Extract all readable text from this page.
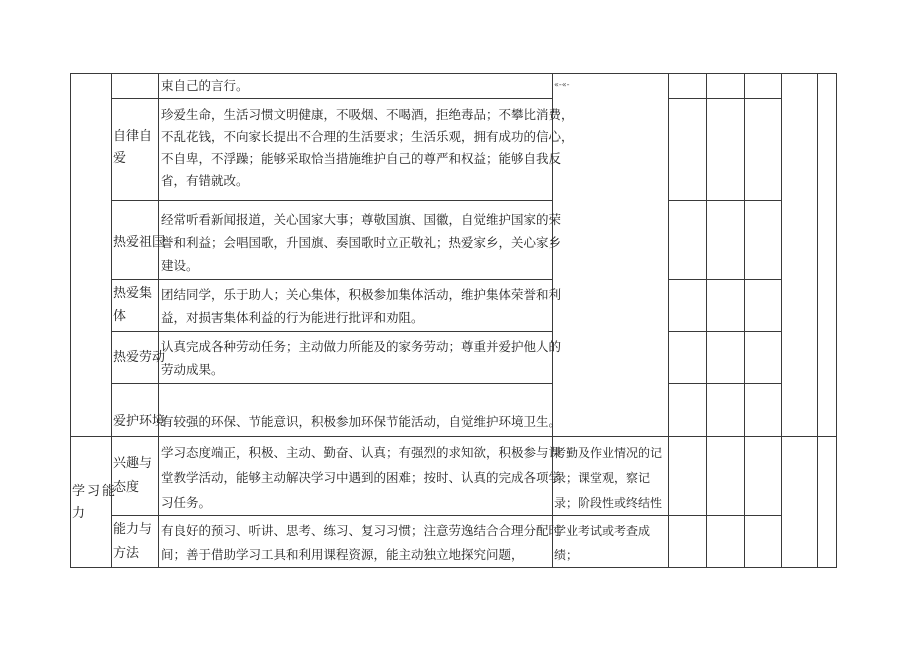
束自己的言行。	«-«-
自律自
爱
珍爱生命，生活习惯文明健康，不吸烟、不喝酒，拒绝毒品；不攀比消费，
不乱花钱，不向家长提出不合理的生活要求；生活乐观，拥有成功的信心，
不自卑，不浮躁；能够采取恰当措施维护自己的尊严和权益；能够自我反
省，有错就改。
热爱祖国
经常听看新闻报道，关心国家大事；尊敬国旗、国徽，自觉维护国家的荣
誉和利益；会唱国歌，升国旗、奏国歌时立正敬礼；热爱家乡，关心家乡
建设。
热爱集
体
团结同学，乐于助人；关心集体，积极参加集体活动，维护集体荣誉和利
益，对损害集体利益的行为能进行批评和劝阻。
热爱劳动
认真完成各种劳动任务；主动做力所能及的家务劳动；尊重并爱护他人的
劳动成果。
爱护环境
有较强的环保、节能意识，积极参加环保节能活动，自觉维护环境卫生。
学习能
力
兴趣与
态度
学习态度端正，积极、主动、勤奋、认真；有强烈的求知欲，积极参与课
堂教学活动，能够主动解决学习中遇到的困难；按时、认真的完成各项学
习任务。
能力与
方法
有良好的预习、听讲、思考、练习、复习习惯；注意劳逸结合合理分配时
间；善于借助学习工具和利用课程资源，能主动独立地探究问题，
考勤及作业情况的记
录；课堂观，察记
录；阶段性或终结性
学业考试或考查成
绩；
